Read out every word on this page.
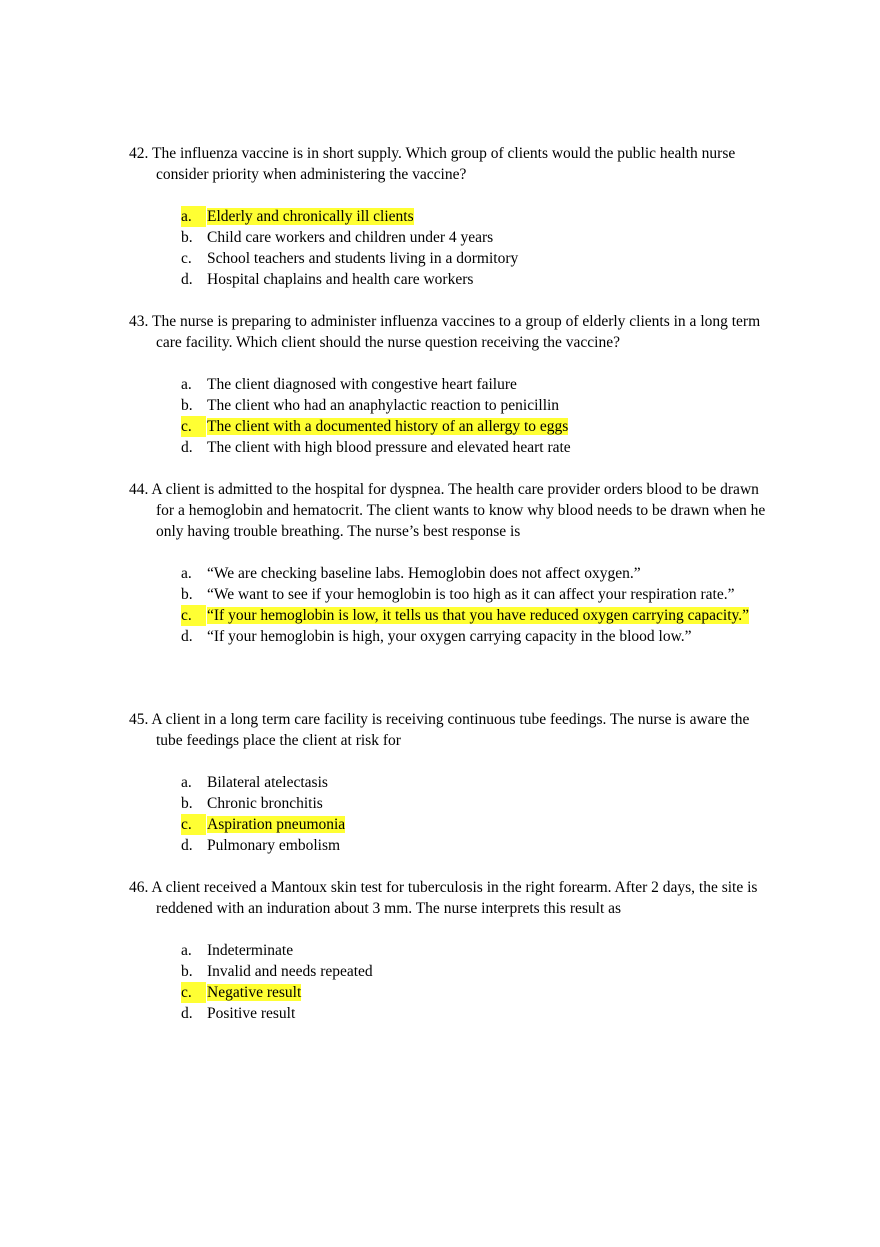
42. The influenza vaccine is in short supply. Which group of clients would the public health nurse consider priority when administering the vaccine?
a. Elderly and chronically ill clients
b. Child care workers and children under 4 years
c. School teachers and students living in a dormitory
d. Hospital chaplains and health care workers
43. The nurse is preparing to administer influenza vaccines to a group of elderly clients in a long term care facility. Which client should the nurse question receiving the vaccine?
a. The client diagnosed with congestive heart failure
b. The client who had an anaphylactic reaction to penicillin
c. The client with a documented history of an allergy to eggs
d. The client with high blood pressure and elevated heart rate
44. A client is admitted to the hospital for dyspnea. The health care provider orders blood to be drawn for a hemoglobin and hematocrit. The client wants to know why blood needs to be drawn when he only having trouble breathing. The nurse’s best response is
a. “We are checking baseline labs. Hemoglobin does not affect oxygen.”
b. “We want to see if your hemoglobin is too high as it can affect your respiration rate.”
c. “If your hemoglobin is low, it tells us that you have reduced oxygen carrying capacity.”
d. “If your hemoglobin is high, your oxygen carrying capacity in the blood low.”
45. A client in a long term care facility is receiving continuous tube feedings. The nurse is aware the tube feedings place the client at risk for
a. Bilateral atelectasis
b. Chronic bronchitis
c. Aspiration pneumonia
d. Pulmonary embolism
46. A client received a Mantoux skin test for tuberculosis in the right forearm. After 2 days, the site is reddened with an induration about 3 mm. The nurse interprets this result as
a. Indeterminate
b. Invalid and needs repeated
c. Negative result
d. Positive result
